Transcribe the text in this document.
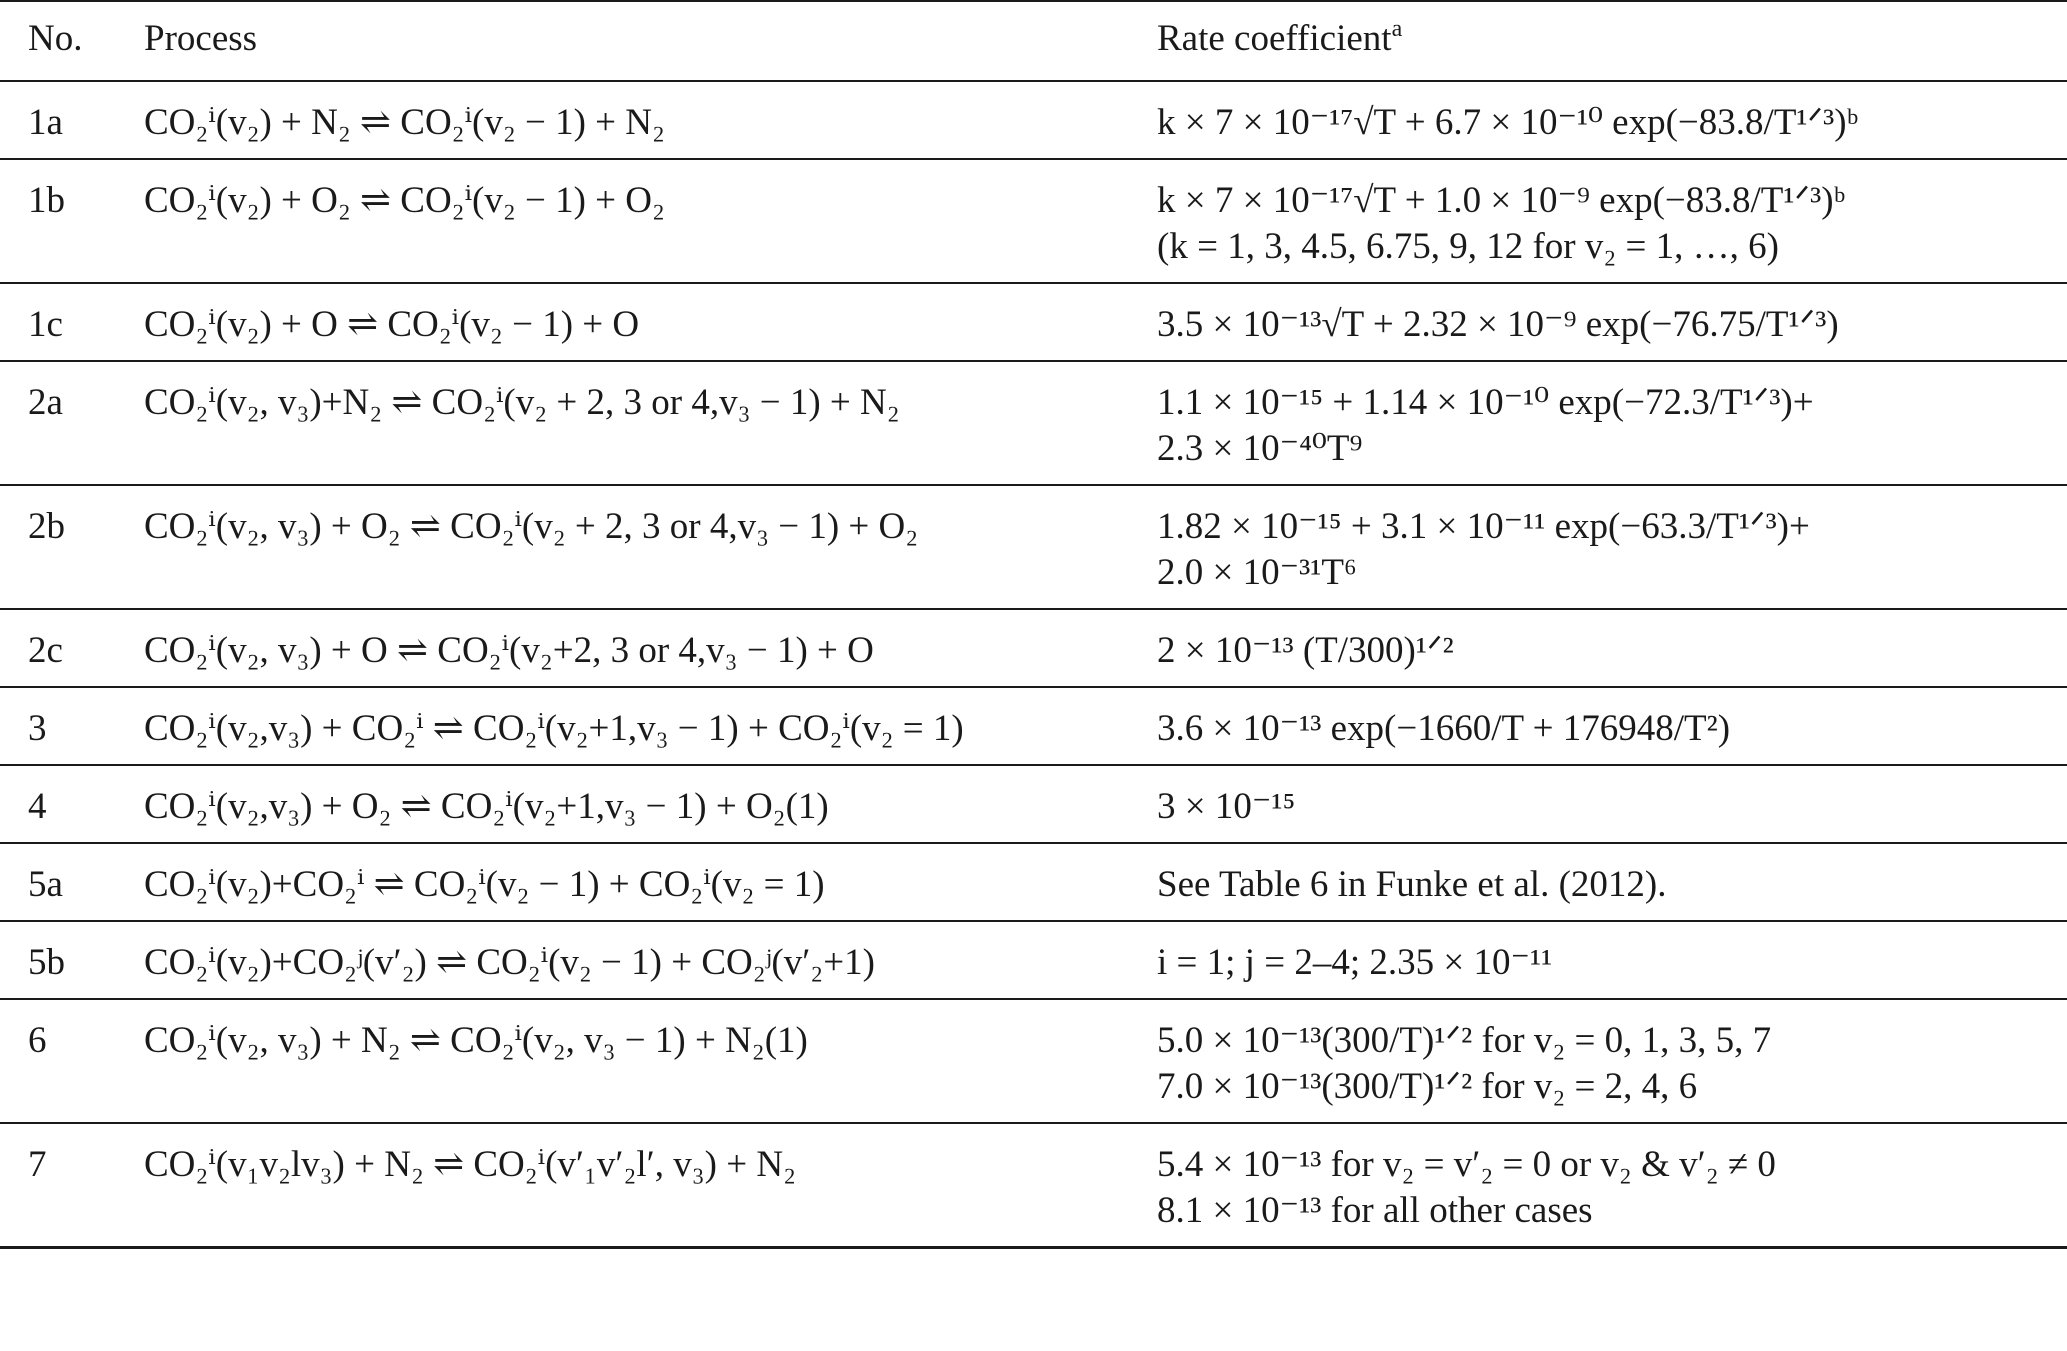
No.	Process	Rate coefficient$^a$
1a	CO₂ⁱ(v₂) + N₂ ⇌ CO₂ⁱ(v₂ − 1) + N₂	k × 7 × 10⁻¹⁷√T + 6.7 × 10⁻¹⁰ exp(−83.8/T¹ᐟ³)ᵇ

1b	CO₂ⁱ(v₂) + O₂ ⇌ CO₂ⁱ(v₂ − 1) + O₂	k × 7 × 10⁻¹⁷√T + 1.0 × 10⁻⁹ exp(−83.8/T¹ᐟ³)ᵇ
(k = 1, 3, 4.5, 6.75, 9, 12 for v₂ = 1, …, 6)

1c	CO₂ⁱ(v₂) + O ⇌ CO₂ⁱ(v₂ − 1) + O	3.5 × 10⁻¹³√T + 2.32 × 10⁻⁹ exp(−76.75/T¹ᐟ³)

2a	CO₂ⁱ(v₂, v₃)+N₂ ⇌ CO₂ⁱ(v₂ + 2, 3 or 4,v₃ − 1) + N₂	1.1 × 10⁻¹⁵ + 1.14 × 10⁻¹⁰ exp(−72.3/T¹ᐟ³)+
2.3 × 10⁻⁴⁰T⁹

2b	CO₂ⁱ(v₂, v₃) + O₂ ⇌ CO₂ⁱ(v₂ + 2, 3 or 4,v₃ − 1) + O₂	1.82 × 10⁻¹⁵ + 3.1 × 10⁻¹¹ exp(−63.3/T¹ᐟ³)+
2.0 × 10⁻³¹T⁶

2c	CO₂ⁱ(v₂, v₃) + O ⇌ CO₂ⁱ(v₂+2, 3 or 4,v₃ − 1) + O	2 × 10⁻¹³ (T/300)¹ᐟ²

3	CO₂ⁱ(v₂,v₃) + CO₂ⁱ ⇌ CO₂ⁱ(v₂+1,v₃ − 1) + CO₂ⁱ(v₂ = 1)	3.6 × 10⁻¹³ exp(−1660/T + 176948/T²)

4	CO₂ⁱ(v₂,v₃) + O₂ ⇌ CO₂ⁱ(v₂+1,v₃ − 1) + O₂(1)	3 × 10⁻¹⁵

5a	CO₂ⁱ(v₂)+CO₂ⁱ ⇌ CO₂ⁱ(v₂ − 1) + CO₂ⁱ(v₂ = 1)	See Table 6 in Funke et al. (2012).

5b	CO₂ⁱ(v₂)+CO₂ʲ(v′₂) ⇌ CO₂ⁱ(v₂ − 1) + CO₂ʲ(v′₂+1)	i = 1; j = 2–4; 2.35 × 10⁻¹¹

6	CO₂ⁱ(v₂, v₃) + N₂ ⇌ CO₂ⁱ(v₂, v₃ − 1) + N₂(1)	5.0 × 10⁻¹³(300/T)¹ᐟ² for v₂ = 0, 1, 3, 5, 7
7.0 × 10⁻¹³(300/T)¹ᐟ² for v₂ = 2, 4, 6

7	CO₂ⁱ(v₁v₂lv₃) + N₂ ⇌ CO₂ⁱ(v′₁v′₂l′, v₃) + N₂	5.4 × 10⁻¹³ for v₂ = v′₂ = 0 or v₂ & v′₂ ≠ 0
8.1 × 10⁻¹³ for all other cases
